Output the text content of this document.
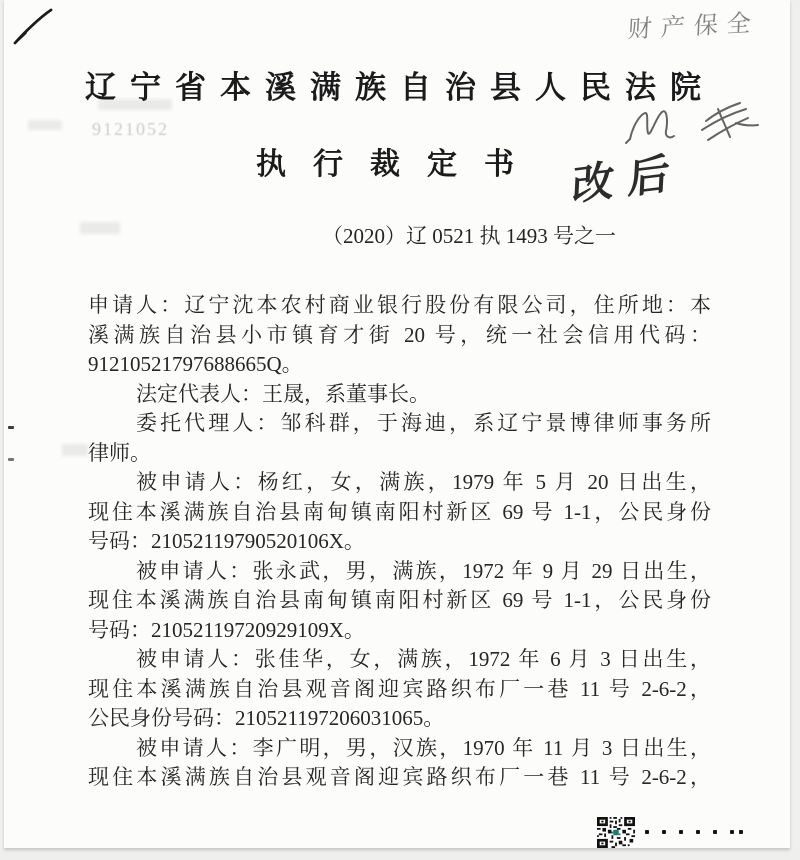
财产保全
9121052
辽宁省本溪满族自治县人民法院
执行裁定书 改后
（2020）辽 0521 执 1493 号之一
申请人：辽宁沈本农村商业银行股份有限公司，住所地：本
溪满族自治县小市镇育才街 20 号，统一社会信用代码：
91210521797688665Q。
法定代表人：王晟，系董事长。
委托代理人：邹科群，于海迪，系辽宁景博律师事务所
律师。
被申请人：杨红，女，满族，1979 年 5 月 20 日出生，
现住本溪满族自治县南甸镇南阳村新区 69 号 1-1，公民身份
号码：21052119790520106X。
被申请人：张永武，男，满族，1972 年 9 月 29 日出生，
现住本溪满族自治县南甸镇南阳村新区 69 号 1-1，公民身份
号码：21052119720929109X。
被申请人：张佳华，女，满族，1972 年 6 月 3 日出生，
现住本溪满族自治县观音阁迎宾路织布厂一巷 11 号 2-6-2，
公民身份号码：210521197206031065。
被申请人：李广明，男，汉族，1970 年 11 月 3 日出生，
现住本溪满族自治县观音阁迎宾路织布厂一巷 11 号 2-6-2，
